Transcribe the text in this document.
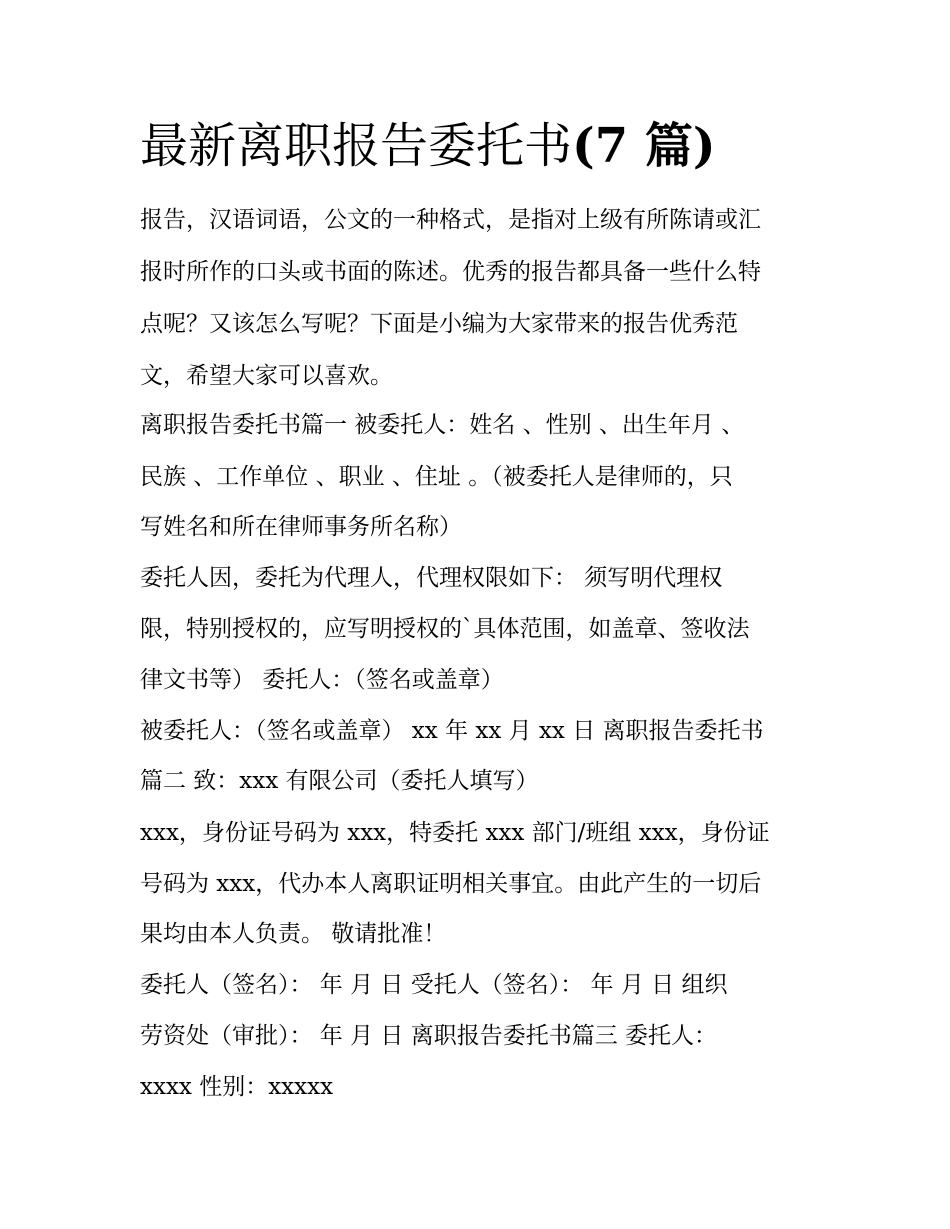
最新离职报告委托书(7 篇)

报告，汉语词语，公文的一种格式，是指对上级有所陈请或汇

报时所作的口头或书面的陈述。优秀的报告都具备一些什么特

点呢？又该怎么写呢？下面是小编为大家带来的报告优秀范

文，希望大家可以喜欢。

离职报告委托书篇一 被委托人：姓名 、性别 、出生年月 、

民族 、工作单位 、职业 、住址 。（被委托人是律师的，只

写姓名和所在律师事务所名称）

委托人因，委托为代理人，代理权限如下： 须写明代理权

限，特别授权的，应写明授权的`具体范围，如盖章、签收法

律文书等） 委托人：（签名或盖章）

被委托人：（签名或盖章） xx 年 xx 月 xx 日 离职报告委托书

篇二 致：xxx 有限公司（委托人填写）

xxx，身份证号码为 xxx，特委托 xxx 部门/班组 xxx，身份证

号码为 xxx，代办本人离职证明相关事宜。由此产生的一切后

果均由本人负责。 敬请批准！

委托人（签名）： 年 月 日 受托人（签名）： 年 月 日 组织

劳资处（审批）： 年 月 日 离职报告委托书篇三 委托人：

xxxx 性别：xxxxx
